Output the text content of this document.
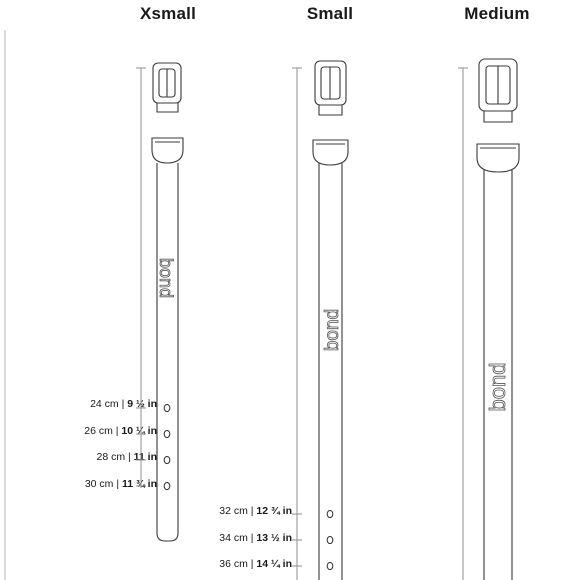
Xsmall	Small	Medium
24 cm | 9 ½ in
26 cm | 10 ¼ in
28 cm | 11 in
30 cm | 11 ¾ in
32 cm | 12 ¾ in
34 cm | 13 ½ in
36 cm | 14 ¼ in
bond
bond
bond
